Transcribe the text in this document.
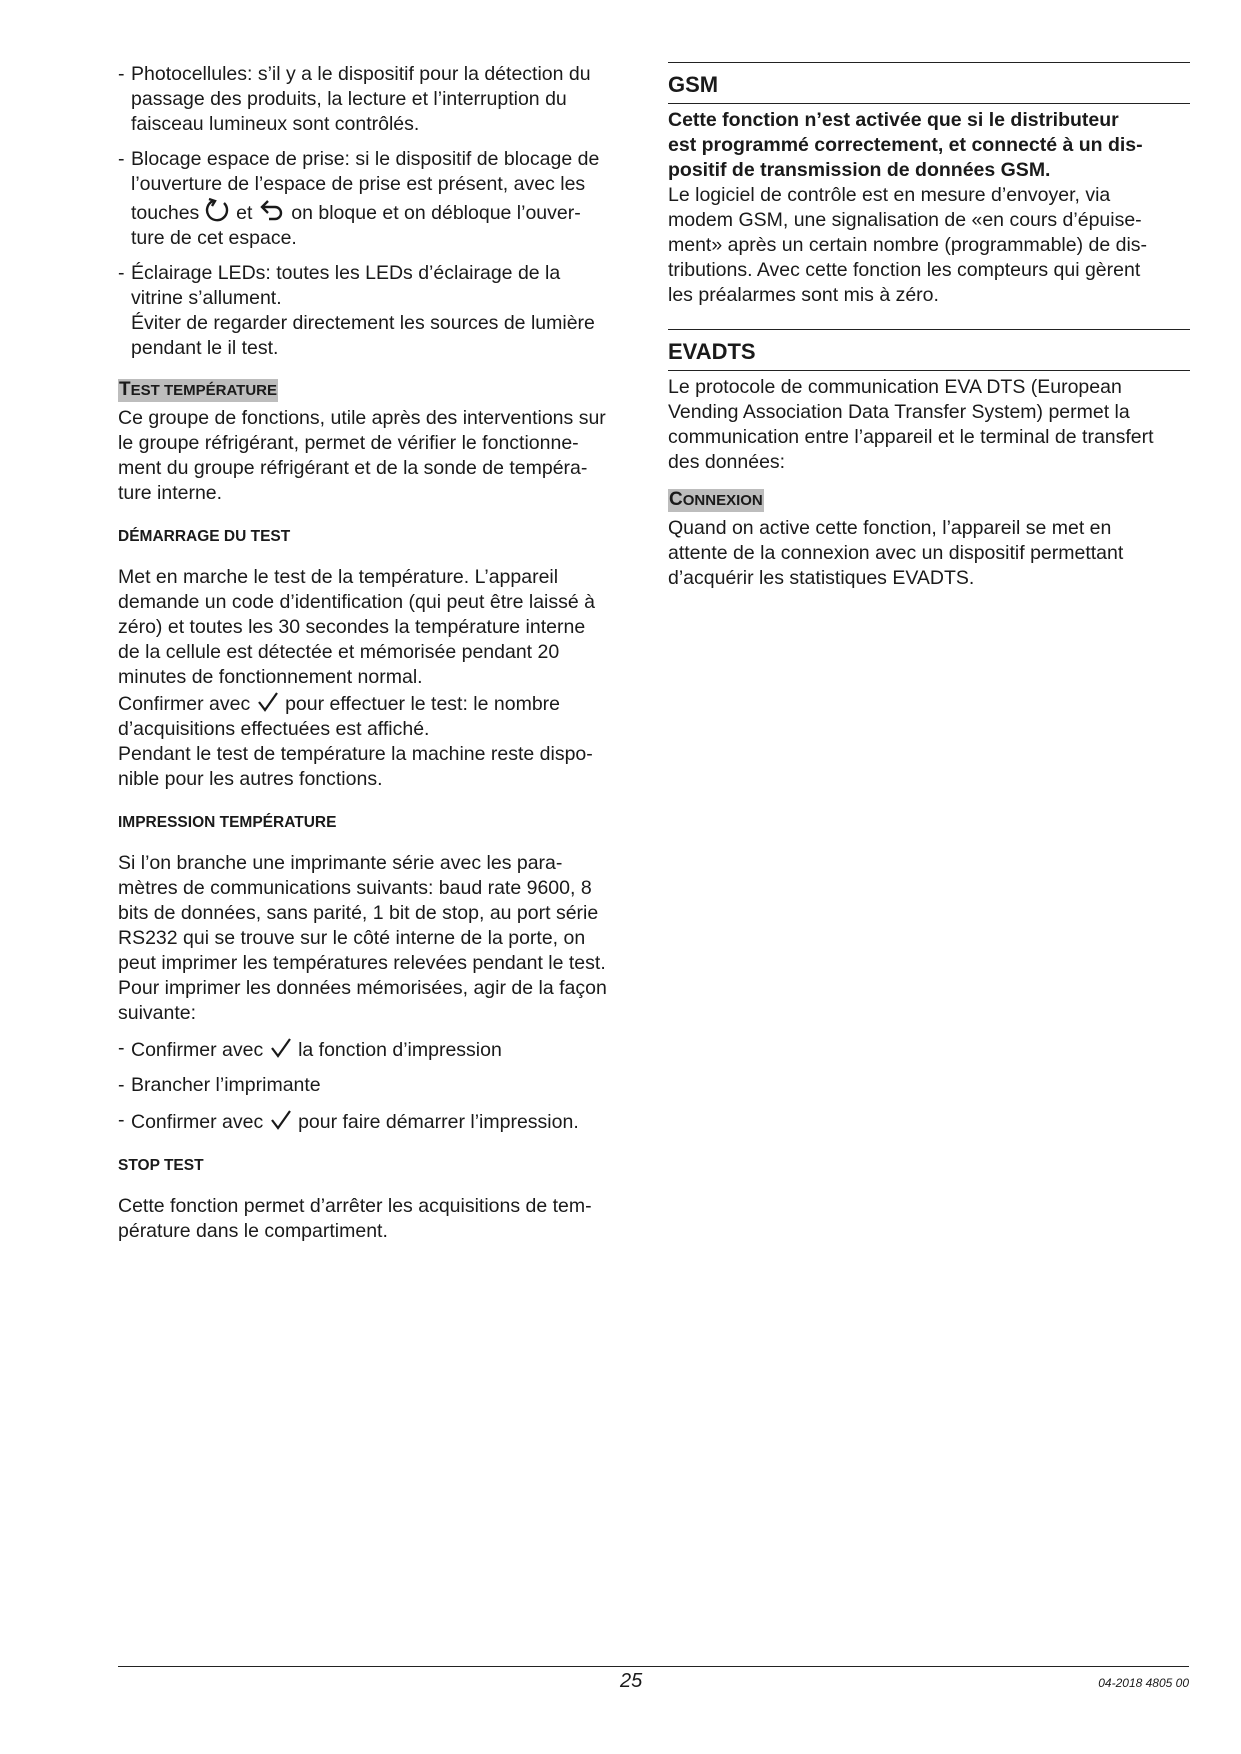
- Photocellules: s’il y a le dispositif pour la détection du
passage des produits, la lecture et l’interruption du
faisceau lumineux sont contrôlés.
- Blocage espace de prise: si le dispositif de blocage de
l’ouverture de l’espace de prise est présent, avec les
touches et on bloque et on débloque l’ouver-
ture de cet espace.
- Éclairage LEDs: toutes les LEDs d’éclairage de la
vitrine s’allument.
Éviter de regarder directement les sources de lumière
pendant le il test.
TEST TEMPÉRATURE

Ce groupe de fonctions, utile après des interventions sur
le groupe réfrigérant, permet de vérifier le fonctionne-
ment du groupe réfrigérant et de la sonde de tempéra-
ture interne.

DÉMARRAGE DU TEST

Met en marche le test de la température. L’appareil
demande un code d’identification (qui peut être laissé à
zéro) et toutes les 30 secondes la température interne
de la cellule est détectée et mémorisée pendant 20
minutes de fonctionnement normal.
Confirmer avec pour effectuer le test: le nombre
d’acquisitions effectuées est affiché.
Pendant le test de température la machine reste dispo-
nible pour les autres fonctions.

IMPRESSION TEMPÉRATURE

Si l’on branche une imprimante série avec les para-
mètres de communications suivants: baud rate 9600, 8
bits de données, sans parité, 1 bit de stop, au port série
RS232 qui se trouve sur le côté interne de la porte, on
peut imprimer les températures relevées pendant le test.
Pour imprimer les données mémorisées, agir de la façon
suivante:

- Confirmer avec la fonction d’impression
- Brancher l’imprimante
- Confirmer avec pour faire démarrer l’impression.
STOP TEST

Cette fonction permet d’arrêter les acquisitions de tem-
pérature dans le compartiment.

GSM

Cette fonction n’est activée que si le distributeur
est programmé correctement, et connecté à un dis-
positif de transmission de données GSM.

Le logiciel de contrôle est en mesure d’envoyer, via
modem GSM, une signalisation de «en cours d’épuise-
ment» après un certain nombre (programmable) de dis-
tributions. Avec cette fonction les compteurs qui gèrent
les préalarmes sont mis à zéro.

EVADTS

Le protocole de communication EVA DTS (European
Vending Association Data Transfer System) permet la
communication entre l’appareil et le terminal de transfert
des données:

CONNEXION

Quand on active cette fonction, l’appareil se met en
attente de la connexion avec un dispositif permettant
d’acquérir les statistiques EVADTS.

25	04-2018 4805 00
